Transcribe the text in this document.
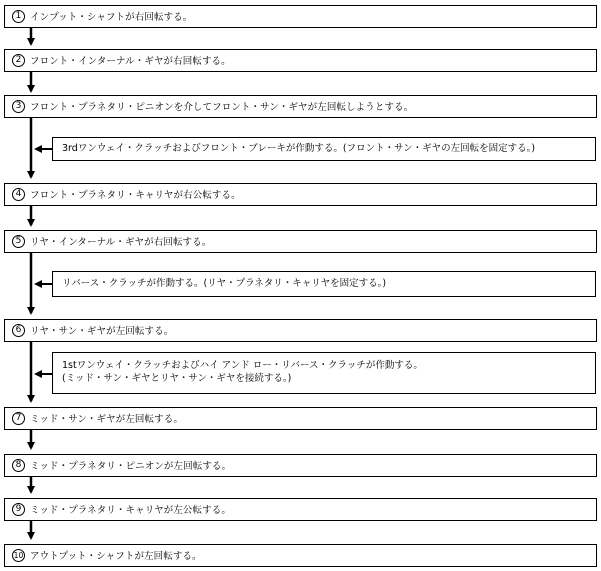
1 インプット・シャフトが右回転する。
2 フロント・インターナル・ギヤが右回転する。
3 フロント・プラネタリ・ピニオンを介してフロント・サン・ギヤが左回転しようとする。
4 フロント・プラネタリ・キャリヤが右公転する。
5 リヤ・インターナル・ギヤが右回転する。
6 リヤ・サン・ギヤが左回転する。
7 ミッド・サン・ギヤが左回転する。
8 ミッド・プラネタリ・ピニオンが左回転する。
9 ミッド・プラネタリ・キャリヤが左公転する。
10 アウトプット・シャフトが左回転する。
3rdワンウェイ・クラッチおよびフロント・ブレーキが作動する。(フロント・サン・ギヤの左回転を固定する。)
リバース・クラッチが作動する。(リヤ・プラネタリ・キャリヤを固定する。)
1stワンウェイ・クラッチおよびハイ アンド ロー・リバース・クラッチが作動する。
(ミッド・サン・ギヤとリヤ・サン・ギヤを接続する。)
